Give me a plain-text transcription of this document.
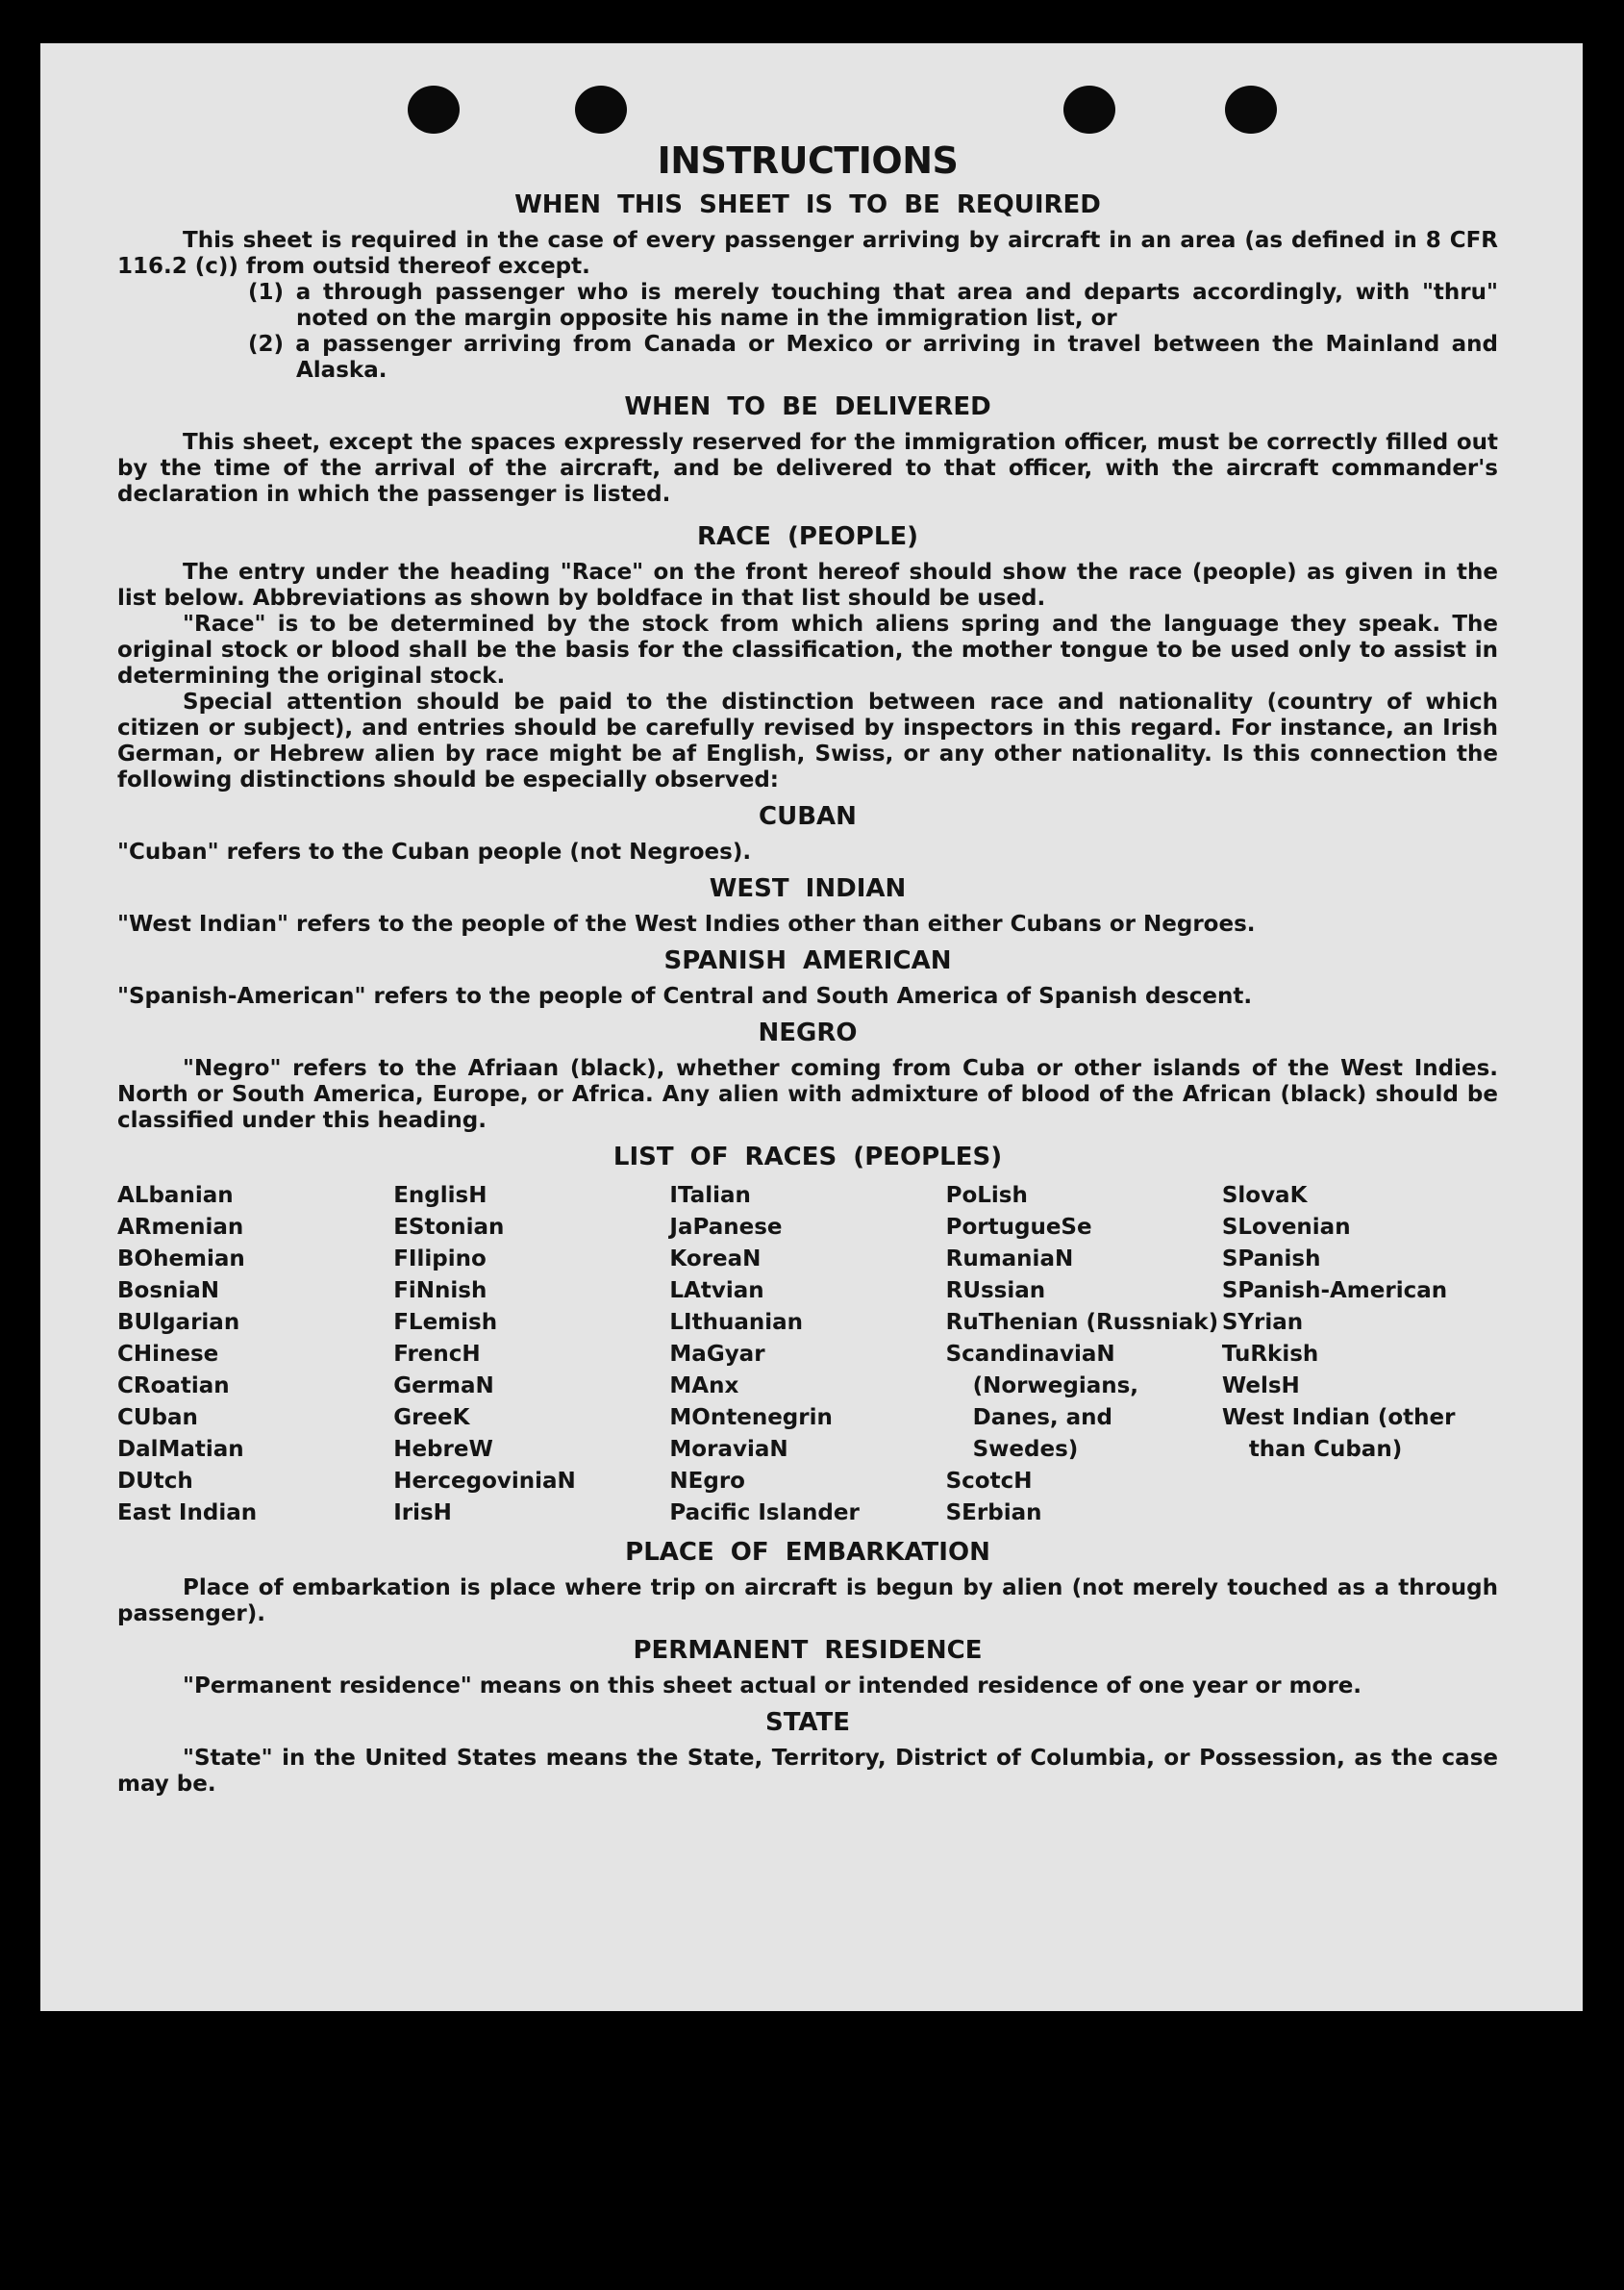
INSTRUCTIONS
WHEN THIS SHEET IS TO BE REQUIRED

This sheet is required in the case of every passenger arriving by aircraft in an area (as defined in 8 CFR 116.2 (c)) from outsid thereof except.

(1) a through passenger who is merely touching that area and departs accordingly, with "thru" noted on the margin opposite his name in the immigration list, or

(2) a passenger arriving from Canada or Mexico or arriving in travel between the Mainland and Alaska.

WHEN TO BE DELIVERED

This sheet, except the spaces expressly reserved for the immigration officer, must be correctly filled out by the time of the arrival of the aircraft, and be delivered to that officer, with the aircraft commander's declaration in which the passenger is listed.

RACE (PEOPLE)

The entry under the heading "Race" on the front hereof should show the race (people) as given in the list below. Abbreviations as shown by boldface in that list should be used.

"Race" is to be determined by the stock from which aliens spring and the language they speak. The original stock or blood shall be the basis for the classification, the mother tongue to be used only to assist in determining the original stock.

Special attention should be paid to the distinction between race and nationality (country of which citizen or subject), and entries should be carefully revised by inspectors in this regard. For instance, an Irish German, or Hebrew alien by race might be af English, Swiss, or any other nationality. Is this connection the following distinctions should be especially observed:

CUBAN

"Cuban" refers to the Cuban people (not Negroes).

WEST INDIAN

"West Indian" refers to the people of the West Indies other than either Cubans or Negroes.

SPANISH AMERICAN

"Spanish-American" refers to the people of Central and South America of Spanish descent.

NEGRO

"Negro" refers to the Afriaan (black), whether coming from Cuba or other islands of the West Indies. North or South America, Europe, or Africa. Any alien with admixture of blood of the African (black) should be classified under this heading.

LIST OF RACES (PEOPLES)
ALbanian
ARmenian
BOhemian
BosniaN
BUlgarian
CHinese
CRoatian
CUban
DalMatian
DUtch
East Indian
EnglisH
EStonian
FIlipino
FiNnish
FLemish
FrencH
GermaN
GreeK
HebreW
HercegoviniaN
IrisH
ITalian
JaPanese
KoreaN
LAtvian
LIthuanian
MaGyar
MAnx
MOntenegrin
MoraviaN
NEgro
Pacific Islander
PoLish
PortugueSe
RumaniaN
RUssian
RuThenian (Russniak)
ScandinaviaN (Norwegians, Danes, and Swedes)
ScotcH
SErbian
SlovaK
SLovenian
SPanish
SPanish-American
SYrian
TuRkish
WelsH
West Indian (other than Cuban)
PLACE OF EMBARKATION

Place of embarkation is place where trip on aircraft is begun by alien (not merely touched as a through passenger).

PERMANENT RESIDENCE

"Permanent residence" means on this sheet actual or intended residence of one year or more.

STATE

"State" in the United States means the State, Territory, District of Columbia, or Possession, as the case may be.
